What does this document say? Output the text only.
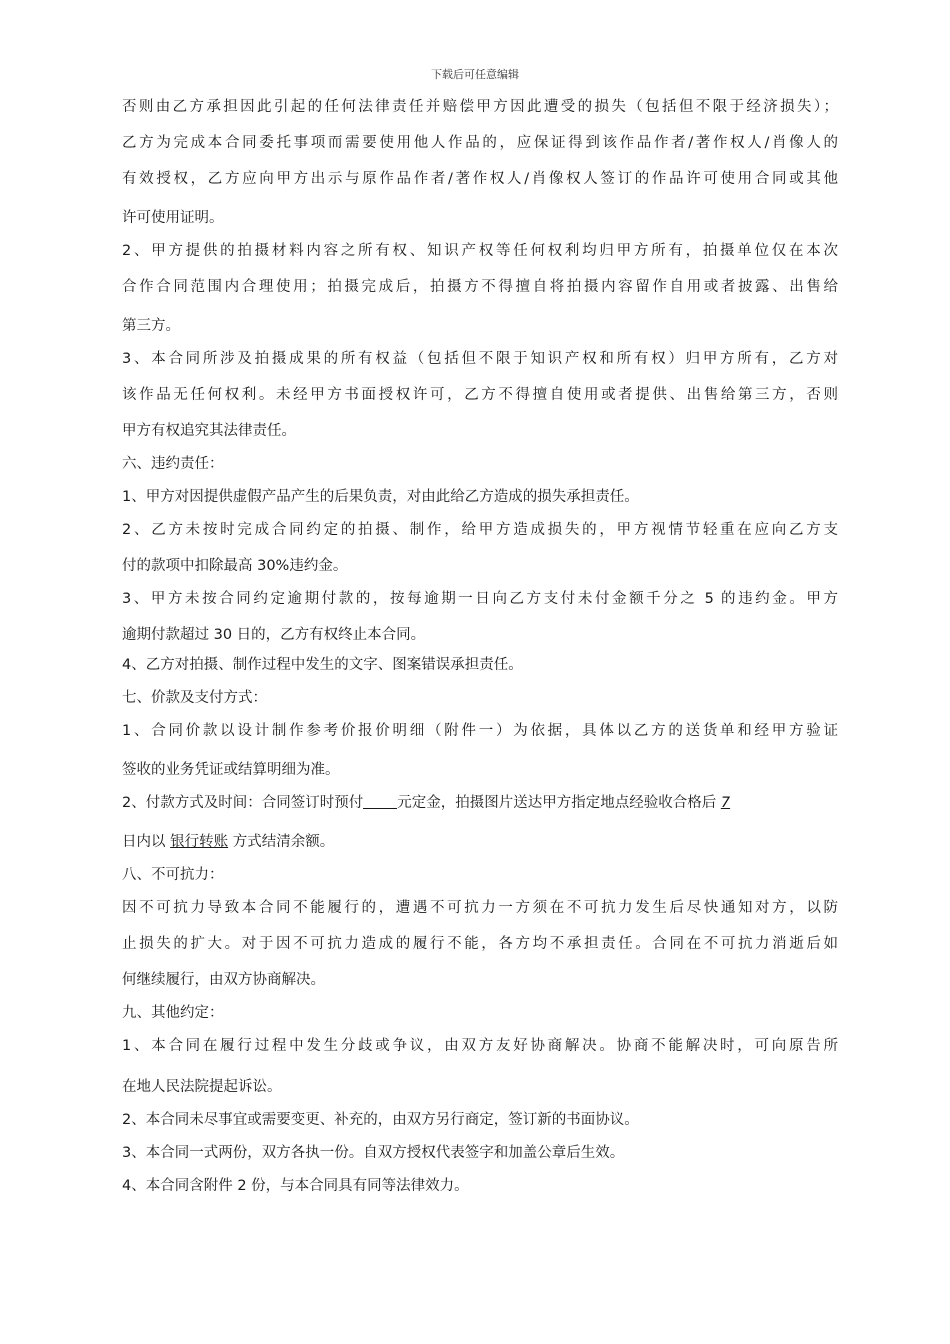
下载后可任意编辑
否则由乙方承担因此引起的任何法律责任并赔偿甲方因此遭受的损失（包括但不限于经济损失）；
乙方为完成本合同委托事项而需要使用他人作品的，应保证得到该作品作者/著作权人/肖像人的
有效授权，乙方应向甲方出示与原作品作者/著作权人/肖像权人签订的作品许可使用合同或其他
许可使用证明。
2、甲方提供的拍摄材料内容之所有权、知识产权等任何权利均归甲方所有，拍摄单位仅在本次
合作合同范围内合理使用；拍摄完成后，拍摄方不得擅自将拍摄内容留作自用或者披露、出售给
第三方。
3、本合同所涉及拍摄成果的所有权益（包括但不限于知识产权和所有权）归甲方所有，乙方对
该作品无任何权利。未经甲方书面授权许可，乙方不得擅自使用或者提供、出售给第三方，否则
甲方有权追究其法律责任。
六、违约责任：
1、甲方对因提供虚假产品产生的后果负责，对由此给乙方造成的损失承担责任。
2、乙方未按时完成合同约定的拍摄、制作，给甲方造成损失的，甲方视情节轻重在应向乙方支
付的款项中扣除最高 30%违约金。
3、甲方未按合同约定逾期付款的，按每逾期一日向乙方支付未付金额千分之 5 的违约金。甲方
逾期付款超过 30 日的，乙方有权终止本合同。
4、乙方对拍摄、制作过程中发生的文字、图案错误承担责任。
七、价款及支付方式：
1、合同价款以设计制作参考价报价明细（附件一）为依据，具体以乙方的送货单和经甲方验证
签收的业务凭证或结算明细为准。
2、付款方式及时间：合同签订时预付 元定金，拍摄图片送达甲方指定地点经验收合格后 7
日内以 银行转账 方式结清余额。
八、不可抗力：
因不可抗力导致本合同不能履行的，遭遇不可抗力一方须在不可抗力发生后尽快通知对方，以防
止损失的扩大。对于因不可抗力造成的履行不能，各方均不承担责任。合同在不可抗力消逝后如
何继续履行，由双方协商解决。
九、其他约定：
1、本合同在履行过程中发生分歧或争议，由双方友好协商解决。协商不能解决时，可向原告所
在地人民法院提起诉讼。
2、本合同未尽事宜或需要变更、补充的，由双方另行商定，签订新的书面协议。
3、本合同一式两份，双方各执一份。自双方授权代表签字和加盖公章后生效。
4、本合同含附件 2 份，与本合同具有同等法律效力。
